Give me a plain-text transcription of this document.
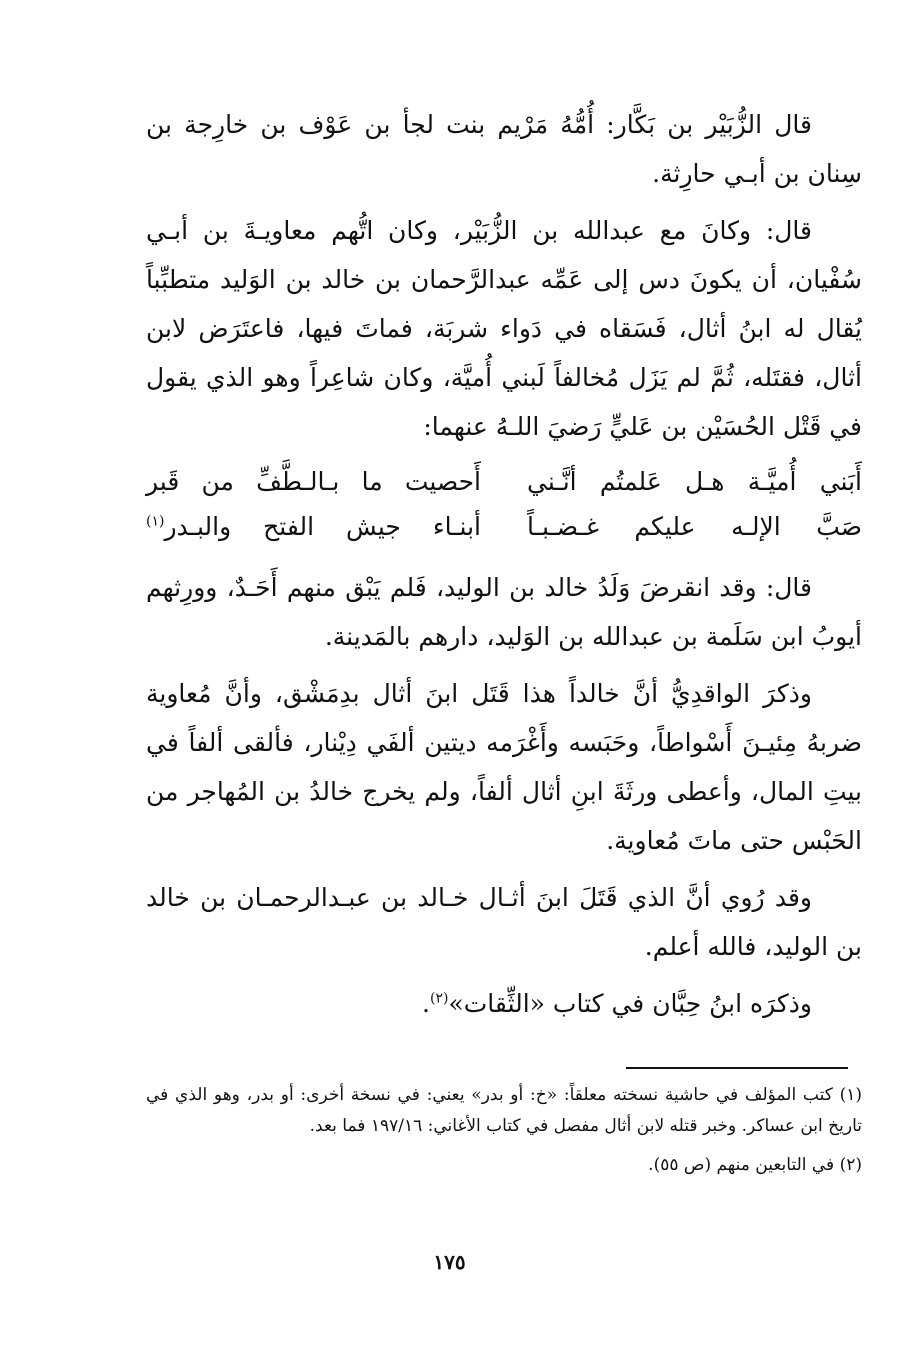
قال الزُّبَيْر بن بَكَّار: أُمُّهُ مَرْيم بنت لجأ بن عَوْف بن خارِجة بن سِنان بن أبـي حارِثة.

قال: وكانَ مع عبدالله بن الزُّبَيْر، وكان اتُّهم معاويـةَ بن أبـي سُفْيان، أن يكونَ دس إلى عَمِّه عبدالرَّحمان بن خالد بن الوَليد متطبِّباً يُقال له ابنُ أثال، فَسَقاه في دَواء شربَة، فماتَ فيها، فاعتَرَض لابن أثال، فقتَله، ثُمَّ لم يَزَل مُخالفاً لَبني أُميَّة، وكان شاعِراً وهو الذي يقول في قَتْل الحُسَيْن بن عَليٍّ رَضيَ اللـهُ عنهما:

أَبَني أُميَّـة هـل عَلمتُم أنَّـني
أَحصيت ما بـالـطَّفِّ من قَبر
صَبَّ الإلـه عليكم غـضـبـاً
أبنـاء جيش الفتح والبـدر$^{(١)}$

قال: وقد انقرضَ وَلَدُ خالد بن الوليد، فَلم يَبْق منهم أَحَـدٌ، وورِثهم أيوبُ ابن سَلَمة بن عبدالله بن الوَليد، دارهم بالمَدينة.

وذكرَ الواقدِيُّ أنَّ خالداً هذا قَتَل ابنَ أثال بدِمَشْق، وأنَّ مُعاوية ضربهُ مِئيـنَ أَسْواطاً، وحَبَسه وأَغْرَمه ديتين ألفَي دِيْنار، فألقى ألفاً في بيتِ المال، وأعطى ورثَةَ ابنِ أثال ألفاً، ولم يخرج خالدُ بن المُهاجر من الحَبْس حتى ماتَ مُعاوية.

وقد رُوي أنَّ الذي قَتَلَ ابنَ أثـال خـالد بن عبـدالرحمـان بن خالد بن الوليد، فالله أعلم.

وذكرَه ابنُ حِبَّان في كتاب «الثِّقات»$^{(٢)}$.

(١) كتب المؤلف في حاشية نسخته معلقاً: «خ: أو بدر» يعني: في نسخة أخرى: أو بدر، وهو الذي في تاريخ ابن عساكر. وخبر قتله لابن أثال مفصل في كتاب الأغاني: ١٩٧/١٦ فما بعد.

(٢) في التابعين منهم (ص ٥٥).

١٧٥
